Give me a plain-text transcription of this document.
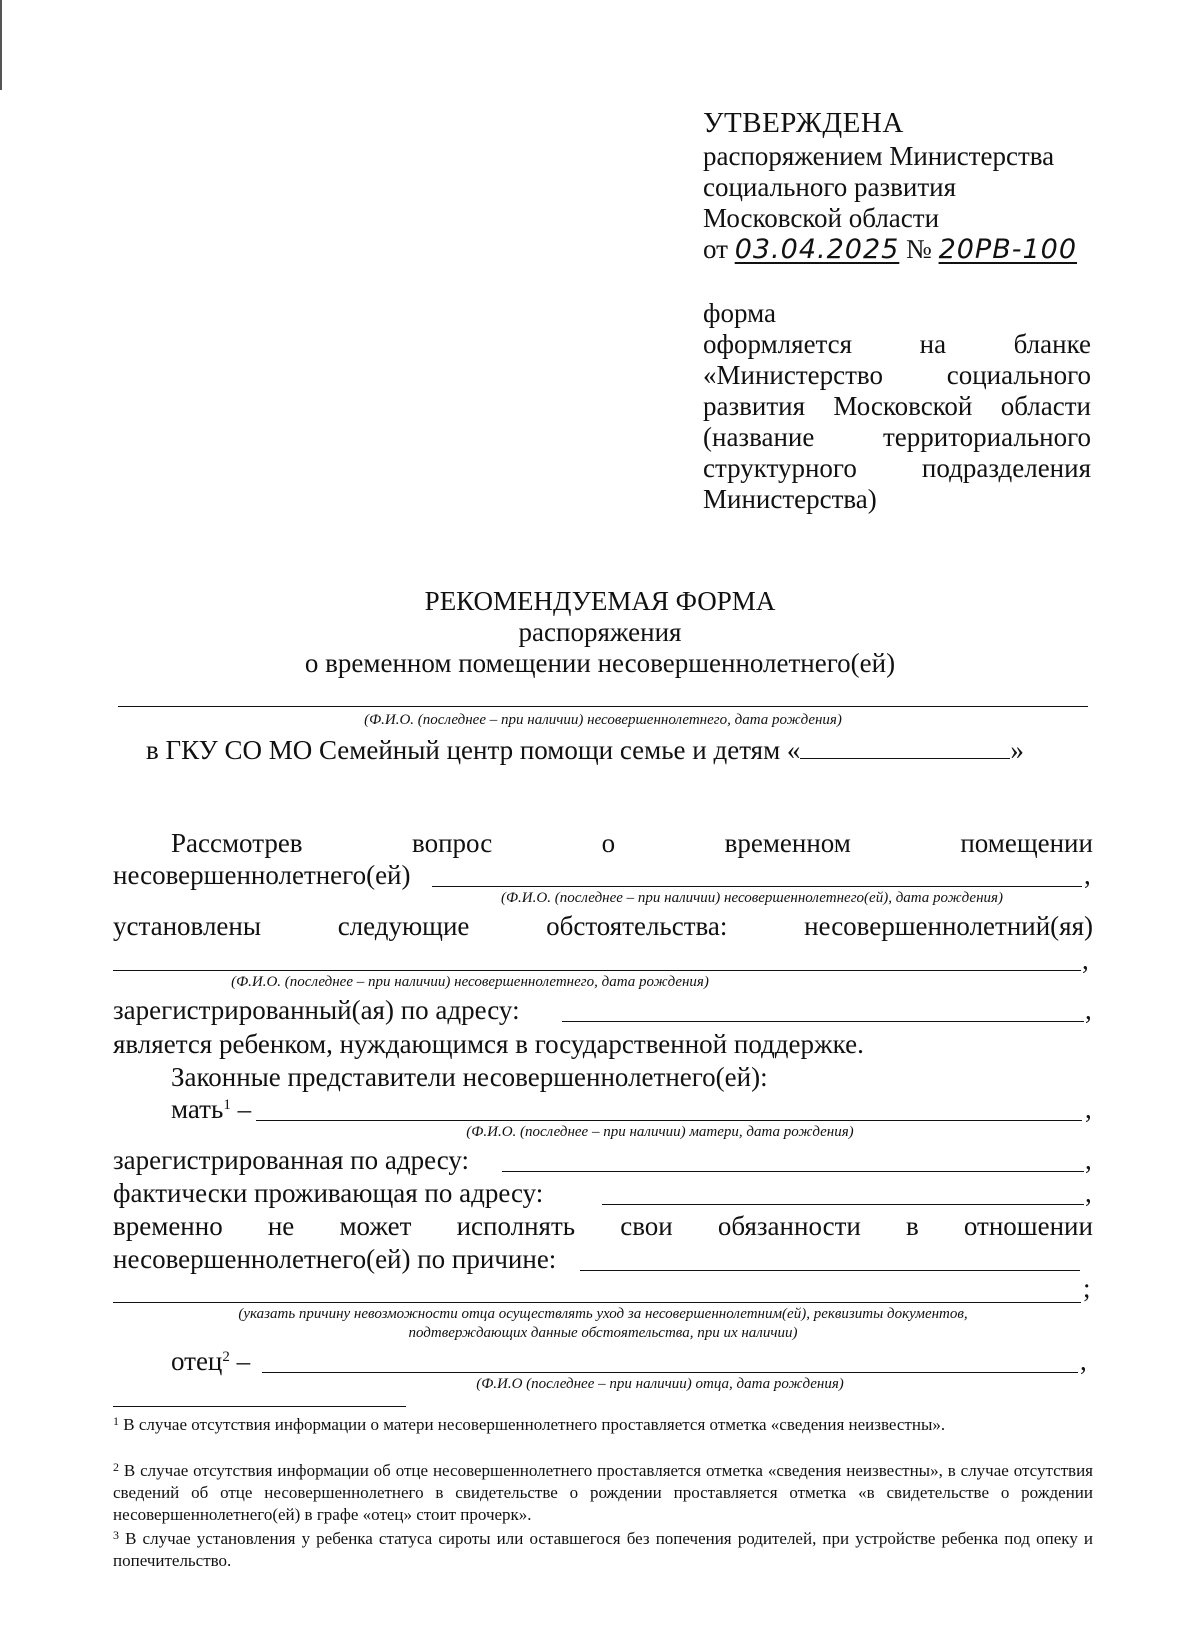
УТВЕРЖДЕНА
распоряжением Министерства
социального развития
Московской области
от 03.04.2025 № 20РВ-100
форма
оформляется на бланке
«Министерство социального
развития Московской области
(название территориального
структурного подразделения
Министерства)
РЕКОМЕНДУЕМАЯ ФОРМА
распоряжения
о временном помещении несовершеннолетнего(ей)
(Ф.И.О. (последнее – при наличии) несовершеннолетнего, дата рождения)
в ГКУ СО МО Семейный центр помощи семье и детям «	»
Рассмотрев	вопрос	о	временном	помещении
несовершеннолетнего(ей)	,
(Ф.И.О. (последнее – при наличии) несовершеннолетнего(ей), дата рождения)
установлены	следующие	обстоятельства:	несовершеннолетний(яя)
,
(Ф.И.О. (последнее – при наличии) несовершеннолетнего, дата рождения)
зарегистрированный(ая) по адресу:	,
является ребенком, нуждающимся в государственной поддержке.
Законные представители несовершеннолетнего(ей):
мать$^1$ –	,
(Ф.И.О. (последнее – при наличии) матери, дата рождения)
зарегистрированная по адресу:	,
фактически проживающая по адресу:	,
временно не может исполнять свои обязанности в отношении
несовершеннолетнего(ей) по причине:
;
(указать причину невозможности отца осуществлять уход за несовершеннолетним(ей), реквизиты документов,
подтверждающих данные обстоятельства, при их наличии)
отец$^2$ –	,
(Ф.И.О (последнее – при наличии) отца, дата рождения)
$^1$ В случае отсутствия информации о матери несовершеннолетнего проставляется отметка «сведения неизвестны».
$^2$ В случае отсутствия информации об отце несовершеннолетнего проставляется отметка «сведения неизвестны», в случае отсутствия сведений об отце несовершеннолетнего в свидетельстве о рождении проставляется отметка «в свидетельстве о рождении несовершеннолетнего(ей) в графе «отец» стоит прочерк».
$^3$ В случае установления у ребенка статуса сироты или оставшегося без попечения родителей, при устройстве ребенка под опеку и попечительство.
